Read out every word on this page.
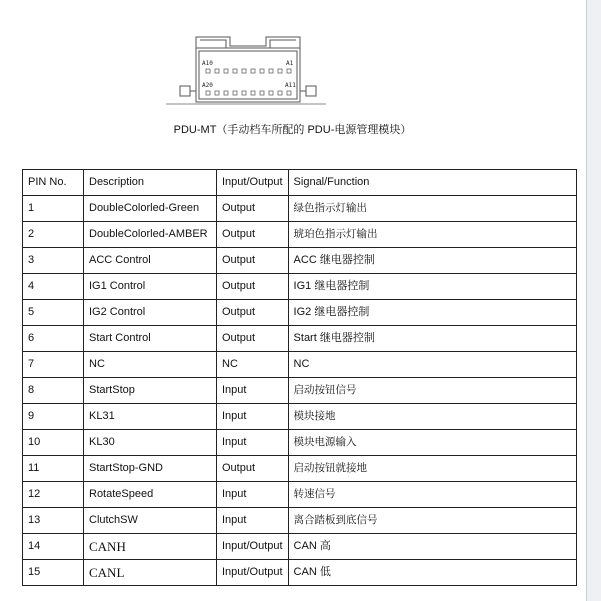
A10	A1
A20	A11
PDU-MT（手动档车所配的 PDU-电源管理模块）
PIN No.	Description	Input/Output	Signal/Function
1	DoubleColorled-Green	Output	绿色指示灯输出
2	DoubleColorled-AMBER	Output	琥珀色指示灯输出
3	ACC Control	Output	ACC 继电器控制
4	IG1 Control	Output	IG1 继电器控制
5	IG2 Control	Output	IG2 继电器控制
6	Start Control	Output	Start 继电器控制
7	NC	NC	NC
8	StartStop	Input	启动按钮信号
9	KL31	Input	模块接地
10	KL30	Input	模块电源输入
11	StartStop-GND	Output	启动按钮就接地
12	RotateSpeed	Input	转速信号
13	ClutchSW	Input	离合踏板到底信号
14	CANH	Input/Output	CAN 高
15	CANL	Input/Output	CAN 低
